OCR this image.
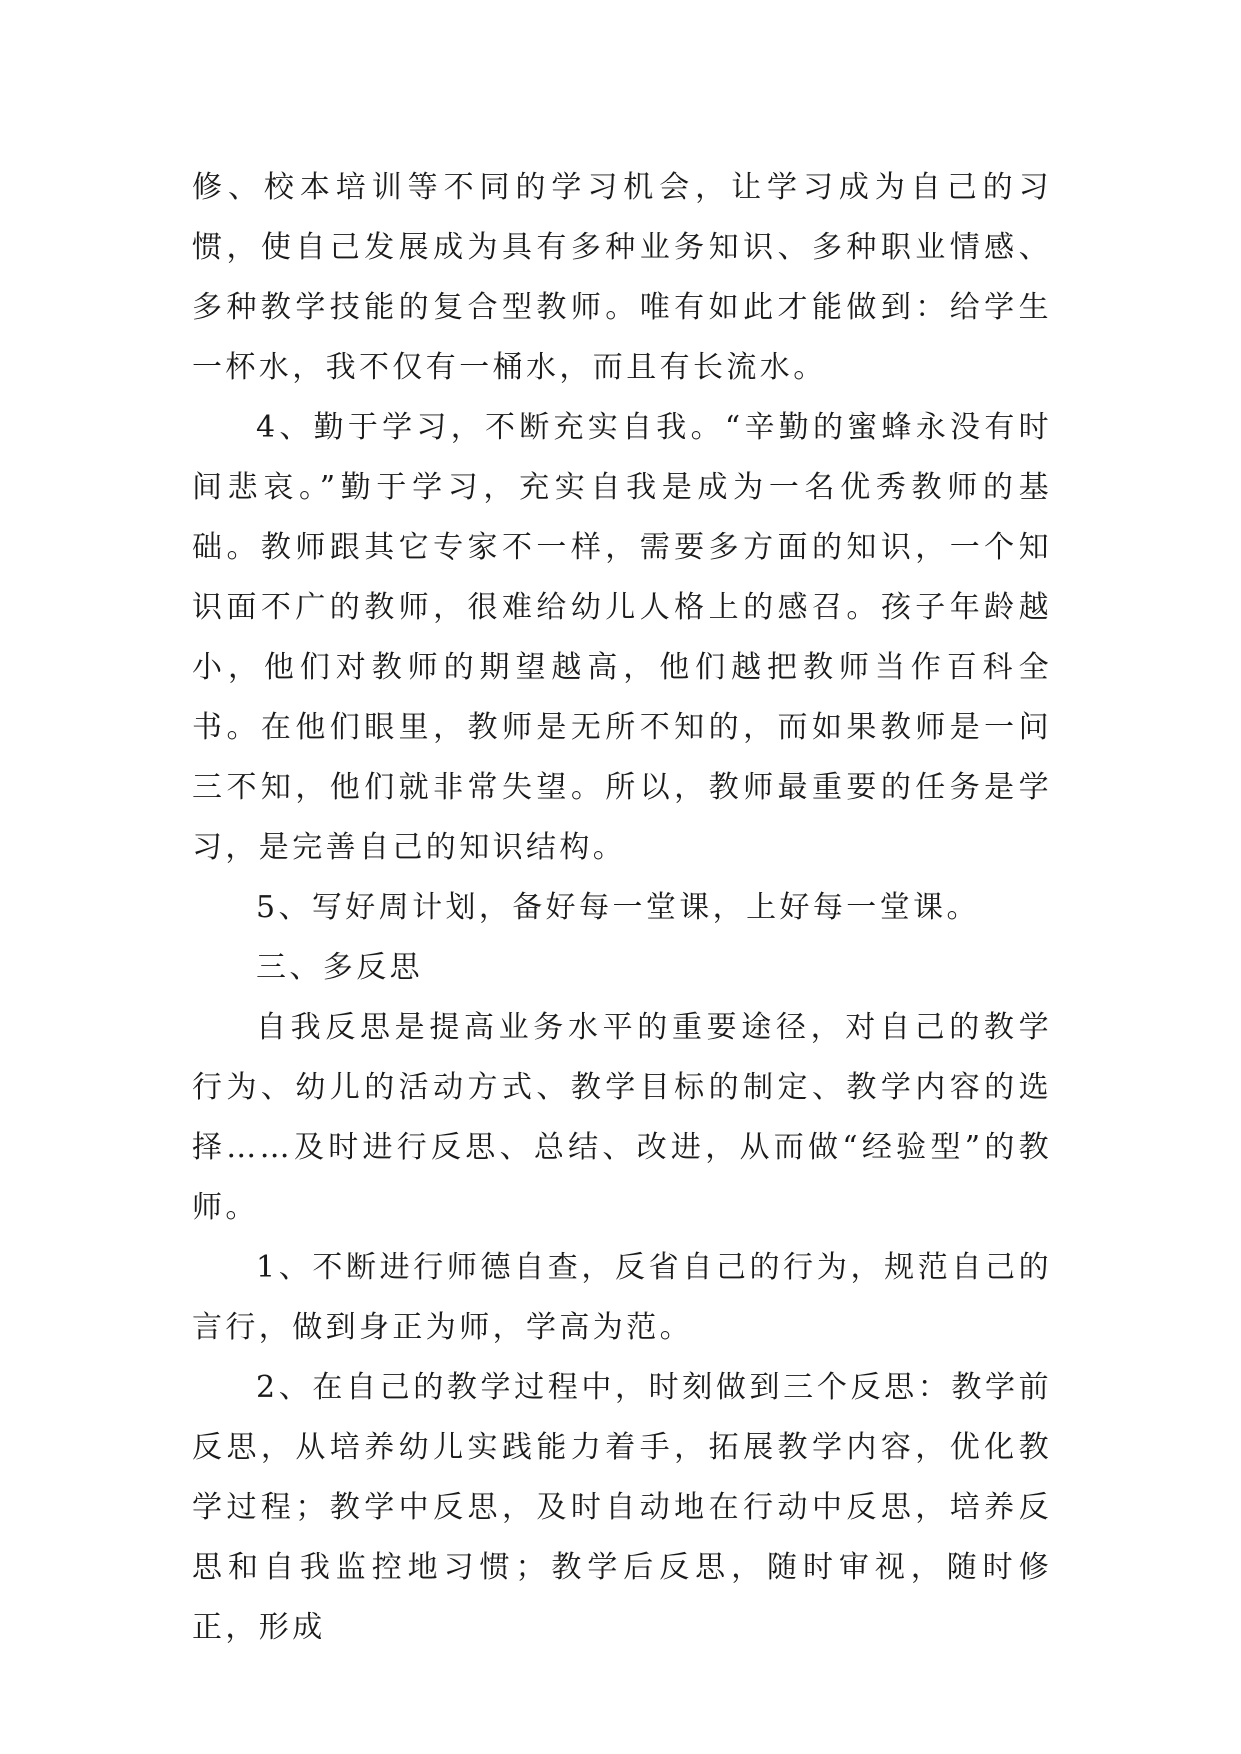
修、校本培训等不同的学习机会，让学习成为自己的习惯，使自己发展成为具有多种业务知识、多种职业情感、多种教学技能的复合型教师。唯有如此才能做到：给学生一杯水，我不仅有一桶水，而且有长流水。

4、勤于学习，不断充实自我。“辛勤的蜜蜂永没有时间悲哀。”勤于学习，充实自我是成为一名优秀教师的基础。教师跟其它专家不一样，需要多方面的知识，一个知识面不广的教师，很难给幼儿人格上的感召。孩子年龄越小，他们对教师的期望越高，他们越把教师当作百科全书。在他们眼里，教师是无所不知的，而如果教师是一问三不知，他们就非常失望。所以，教师最重要的任务是学习，是完善自己的知识结构。

5、写好周计划，备好每一堂课，上好每一堂课。

三、多反思

自我反思是提高业务水平的重要途径，对自己的教学行为、幼儿的活动方式、教学目标的制定、教学内容的选择……及时进行反思、总结、改进，从而做“经验型”的教师。

1、不断进行师德自查，反省自己的行为，规范自己的言行，做到身正为师，学高为范。

2、在自己的教学过程中，时刻做到三个反思：教学前反思，从培养幼儿实践能力着手，拓展教学内容，优化教学过程；教学中反思，及时自动地在行动中反思，培养反思和自我监控地习惯；教学后反思，随时审视，随时修正，形成
